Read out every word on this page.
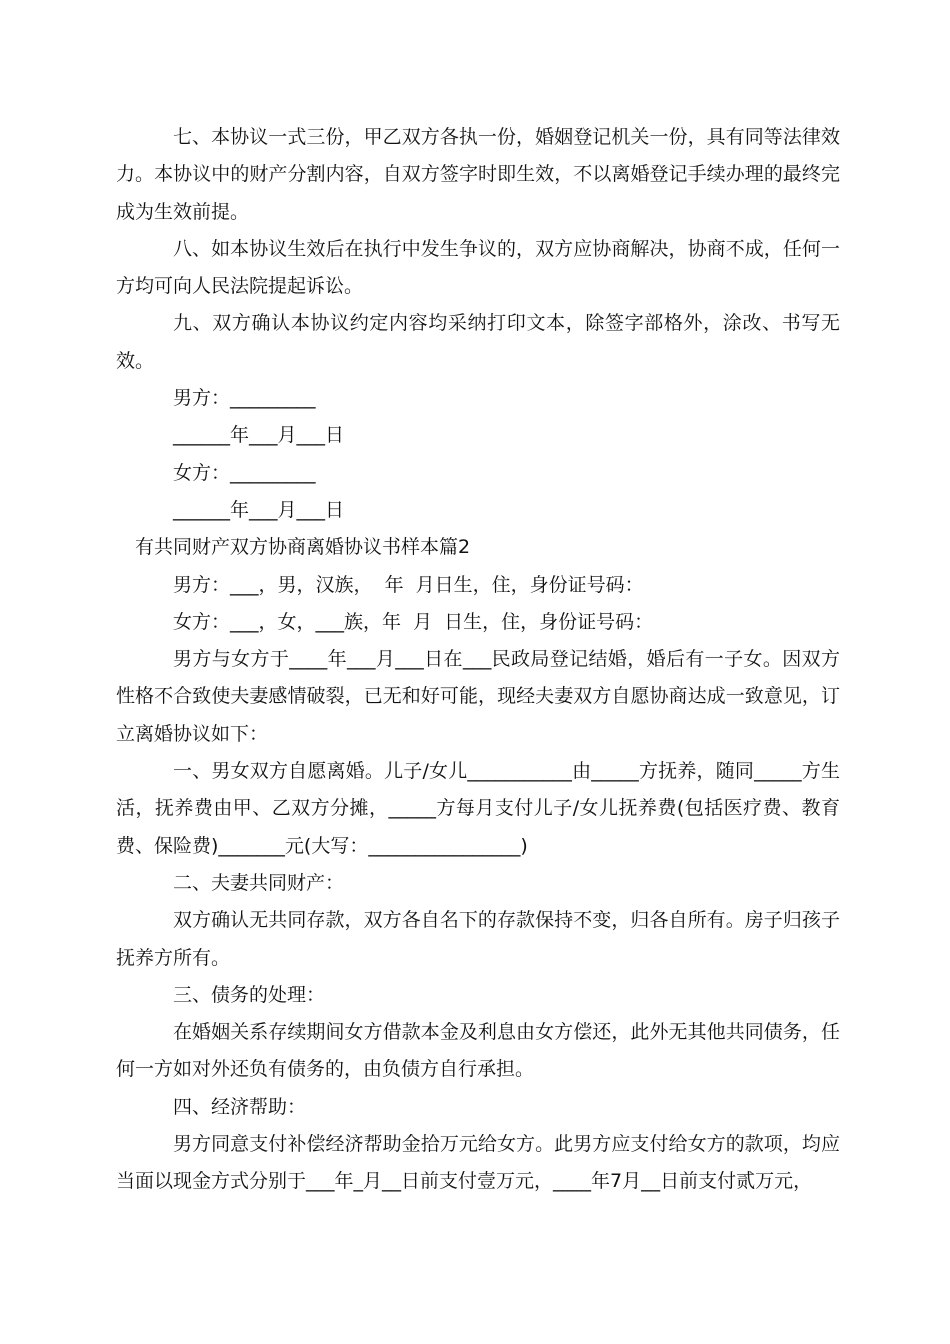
七、本协议一式三份，甲乙双方各执一份，婚姻登记机关一份，具有同等法律效力。本协议中的财产分割内容，自双方签字时即生效，不以离婚登记手续办理的最终完成为生效前提。

八、如本协议生效后在执行中发生争议的，双方应协商解决，协商不成，任何一方均可向人民法院提起诉讼。

九、双方确认本协议约定内容均采纳打印文本，除签字部格外，涂改、书写无效。

男方：_________

______年___月___日

女方：_________

______年___月___日

有共同财产双方协商离婚协议书样本篇2

男方：___，男，汉族，  年  月日生，住，身份证号码：

女方：___，女，___族，年  月  日生，住，身份证号码：

男方与女方于____年___月___日在___民政局登记结婚，婚后有一子女。因双方性格不合致使夫妻感情破裂，已无和好可能，现经夫妻双方自愿协商达成一致意见，订立离婚协议如下：

一、男女双方自愿离婚。儿子/女儿___________由_____方抚养，随同_____方生活，抚养费由甲、乙双方分摊，_____方每月支付儿子/女儿抚养费(包括医疗费、教育费、保险费)_______元(大写：________________)

二、夫妻共同财产：

双方确认无共同存款，双方各自名下的存款保持不变，归各自所有。房子归孩子抚养方所有。

三、债务的处理：

在婚姻关系存续期间女方借款本金及利息由女方偿还，此外无其他共同债务，任何一方如对外还负有债务的，由负债方自行承担。

四、经济帮助：

男方同意支付补偿经济帮助金拾万元给女方。此男方应支付给女方的款项，均应当面以现金方式分别于___年_月__日前支付壹万元，____年7月__日前支付贰万元，
